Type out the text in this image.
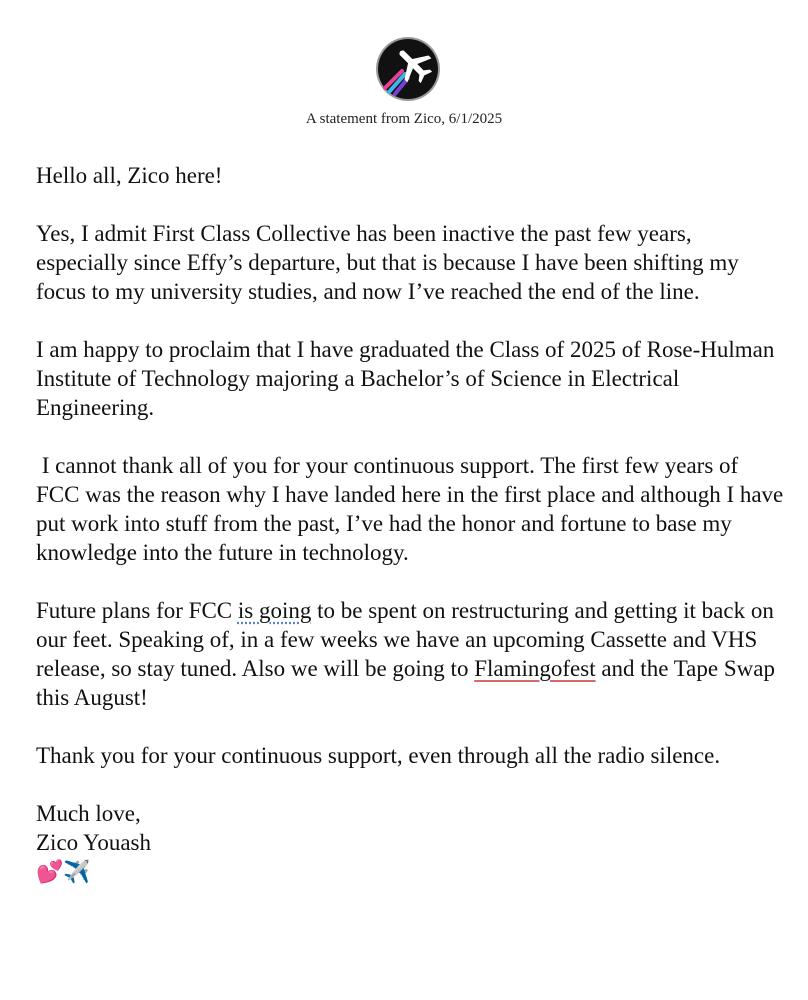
A statement from Zico, 6/1/2025

Hello all, Zico here!

Yes, I admit First Class Collective has been inactive the past few years, especially since Effy’s departure, but that is because I have been shifting my focus to my university studies, and now I’ve reached the end of the line.

I am happy to proclaim that I have graduated the Class of 2025 of Rose-Hulman Institute of Technology majoring a Bachelor’s of Science in Electrical Engineering.

I cannot thank all of you for your continuous support. The first few years of FCC was the reason why I have landed here in the first place and although I have put work into stuff from the past, I’ve had the honor and fortune to base my knowledge into the future in technology.

Future plans for FCC is going to be spent on restructuring and getting it back on our feet. Speaking of, in a few weeks we have an upcoming Cassette and VHS release, so stay tuned. Also we will be going to Flamingofest and the Tape Swap this August!

Thank you for your continuous support, even through all the radio silence.

Much love,

Zico Youash

💕✈️
